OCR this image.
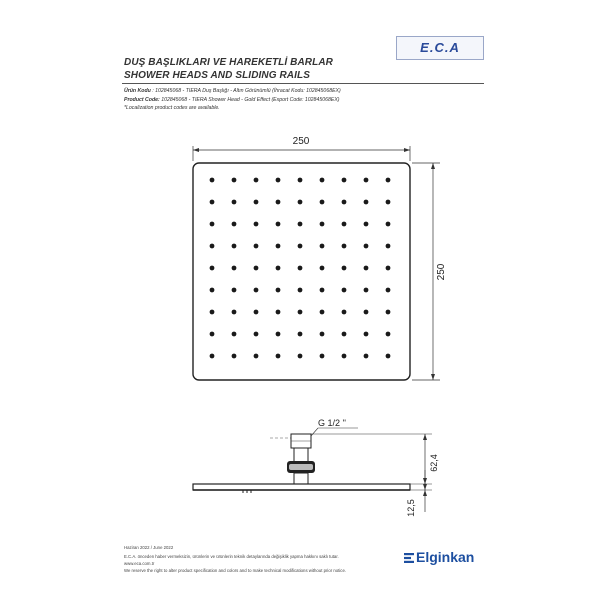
DUŞ BAŞLIKLARI VE HAREKETLİ BARLAR
SHOWER HEADS AND SLIDING RAILS
E.C.A
Ürün Kodu : 102845068 - TIERA Duş Başlığı - Altın Görünümlü (İhracat Kodu: 102845068EX)
Product Code: 102845068 - TIERA Shower Head - Gold Effect (Export Code: 102845068EX)
*Localization product codes are available.
250
250
G 1/2 ''
62,4
12,5
Haziran 2022 / June 2022
E.C.A. önceden haber vermeksizin, ürünlerin ve ürünlerin teknik detaylarında değişiklik yapma hakkını saklı tutar.
www.eca.com.tr
We reserve the right to alter product specification and colors and to make technical modifications without prior notice.
Elginkan
